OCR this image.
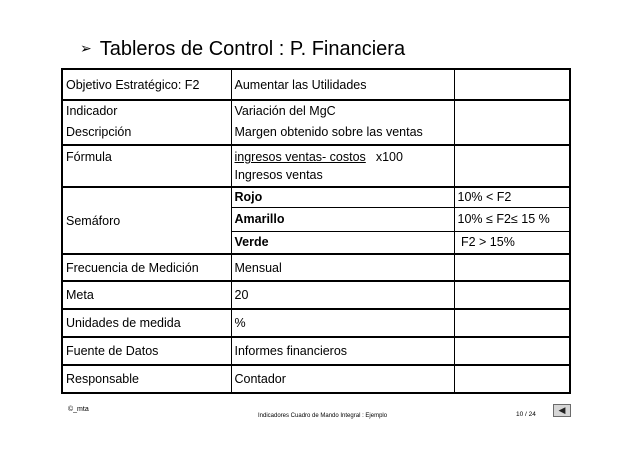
➢ Tableros de Control : P. Financiera
Objetivo Estratégico: F2	Aumentar las Utilidades	
Indicador	Variación del MgC	
Descripción	Margen obtenido sobre las ventas	
Fórmula	ingresos ventas- costos x100
Ingresos ventas	

Semáforo	Rojo	10% < F2
	Amarillo	10% ≤ F2≤ 15 %
	Verde	F2 > 15%
Frecuencia de Medición	Mensual	
Meta	20	
Unidades de medida	%	
Fuente de Datos	Informes financieros	
Responsable	Contador	
©_mta
Indicadores Cuadro de Mando Integral : Ejemplo	10 / 24	◀
